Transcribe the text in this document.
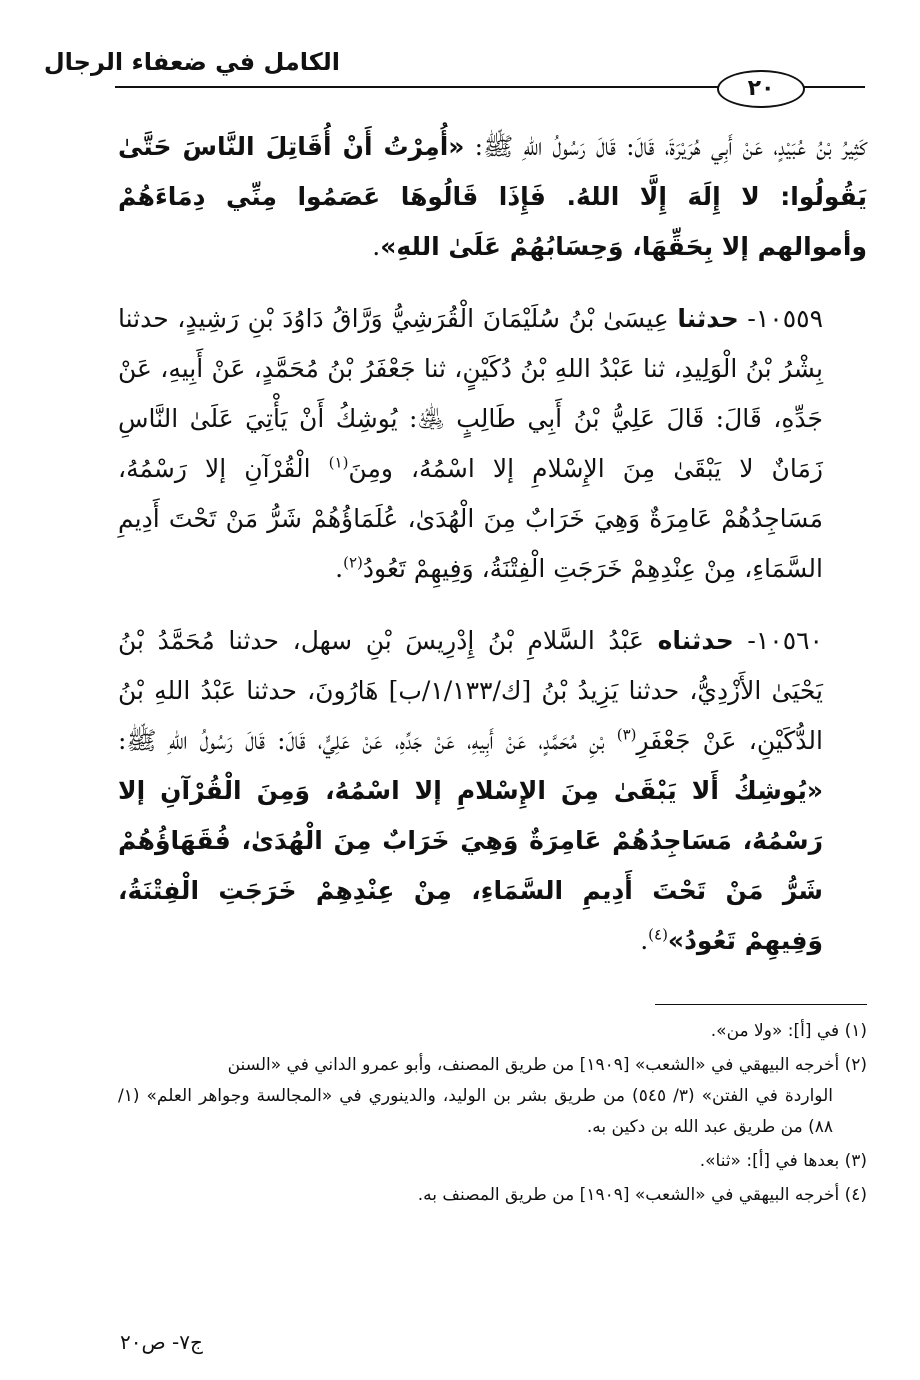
الكامل في ضعفاء الرجال
٢٠

كَثِيرُ بْنُ عُبَيْدٍ، عَنْ أَبِي هُرَيْرَةَ، قَالَ: قَالَ رَسُولُ اللهِ ﷺ: «أُمِرْتُ أَنْ أُقَاتِلَ النَّاسَ حَتَّىٰ يَقُولُوا: لا إِلَهَ إِلَّا اللهُ. فَإِذَا قَالُوهَا عَصَمُوا مِنِّي دِمَاءَهُمْ وأموالهم إلا بِحَقِّهَا، وَحِسَابُهُمْ عَلَىٰ اللهِ».

١٠٥٥٩- حدثنا عِيسَىٰ بْنُ سُلَيْمَانَ الْقُرَشِيُّ وَرَّاقُ دَاوُدَ بْنِ رَشِيدٍ، حدثنا بِشْرُ بْنُ الْوَلِيدِ، ثنا عَبْدُ اللهِ بْنُ دُكَيْنٍ، ثنا جَعْفَرُ بْنُ مُحَمَّدٍ، عَنْ أَبِيهِ، عَنْ جَدِّهِ، قَالَ: قَالَ عَلِيُّ بْنُ أَبِي طَالِبٍ ﵁: يُوشِكُ أَنْ يَأْتِيَ عَلَىٰ النَّاسِ زَمَانٌ لا يَبْقَىٰ مِنَ الإِسْلامِ إلا اسْمُهُ، ومِنَ$^{(١)}$ الْقُرْآنِ إلا رَسْمُهُ، مَسَاجِدُهُمْ عَامِرَةٌ وَهِيَ خَرَابٌ مِنَ الْهُدَىٰ، عُلَمَاؤُهُمْ شَرُّ مَنْ تَحْتَ أَدِيمِ السَّمَاءِ، مِنْ عِنْدِهِمْ خَرَجَتِ الْفِتْنَةُ، وَفِيهِمْ تَعُودُ$^{(٢)}$.

١٠٥٦٠- حدثناه عَبْدُ السَّلامِ بْنُ إِدْرِيسَ بْنِ سهل، حدثنا مُحَمَّدُ بْنُ يَحْيَىٰ الأَزْدِيُّ، حدثنا يَزِيدُ بْنُ [ك/١/١٣٣/ب] هَارُونَ، حدثنا عَبْدُ اللهِ بْنُ الدُّكَيْنِ، عَنْ جَعْفَرِ$^{(٣)}$ بْنِ مُحَمَّدٍ، عَنْ أَبِيهِ، عَنْ جَدِّهِ، عَنْ عَلِيٍّ، قَالَ: قَالَ رَسُولُ اللهِ ﷺ: «يُوشِكُ أَلا يَبْقَىٰ مِنَ الإِسْلامِ إلا اسْمُهُ، وَمِنَ الْقُرْآنِ إلا رَسْمُهُ، مَسَاجِدُهُمْ عَامِرَةٌ وَهِيَ خَرَابٌ مِنَ الْهُدَىٰ، فُقَهَاؤُهُمْ شَرُّ مَنْ تَحْتَ أَدِيمِ السَّمَاءِ، مِنْ عِنْدِهِمْ خَرَجَتِ الْفِتْنَةُ، وَفِيهِمْ تَعُودُ»$^{(٤)}$.

(١) في [أ]: «ولا من».
(٢) أخرجه البيهقي في «الشعب» [١٩٠٩] من طريق المصنف، وأبو عمرو الداني في «السنن
الواردة في الفتن» (٣/ ٥٤٥) من طريق بشر بن الوليد، والدينوري في «المجالسة وجواهر العلم» (١/ ٨٨) من طريق عبد الله بن دكين به.
(٣) بعدها في [أ]: «ثنا».
(٤) أخرجه البيهقي في «الشعب» [١٩٠٩] من طريق المصنف به.
ج٧- ص٢٠
